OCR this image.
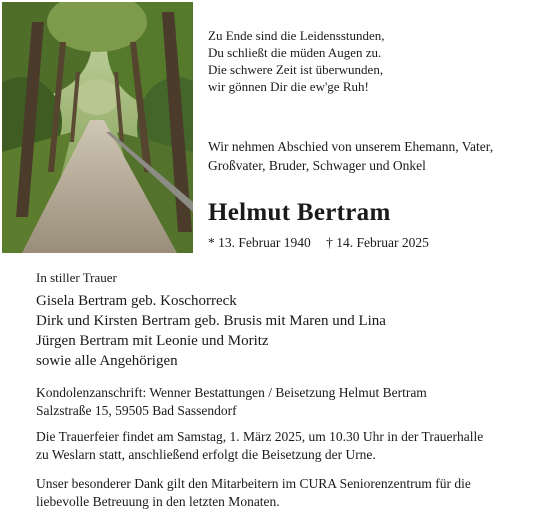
Zu Ende sind die Leidensstunden,
Du schließt die müden Augen zu.
Die schwere Zeit ist überwunden,
wir gönnen Dir die ew'ge Ruh!
Wir nehmen Abschied von unserem Ehemann, Vater,
Großvater, Bruder, Schwager und Onkel
Helmut Bertram
* 13. Februar 1940 † 14. Februar 2025
In stiller Trauer
Gisela Bertram geb. Koschorreck
Dirk und Kirsten Bertram geb. Brusis mit Maren und Lina
Jürgen Bertram mit Leonie und Moritz
sowie alle Angehörigen
Kondolenzanschrift: Wenner Bestattungen / Beisetzung Helmut Bertram
Salzstraße 15, 59505 Bad Sassendorf
Die Trauerfeier findet am Samstag, 1. März 2025, um 10.30 Uhr in der Trauerhalle
zu Weslarn statt, anschließend erfolgt die Beisetzung der Urne.
Unser besonderer Dank gilt den Mitarbeitern im CURA Seniorenzentrum für die
liebevolle Betreuung in den letzten Monaten.
